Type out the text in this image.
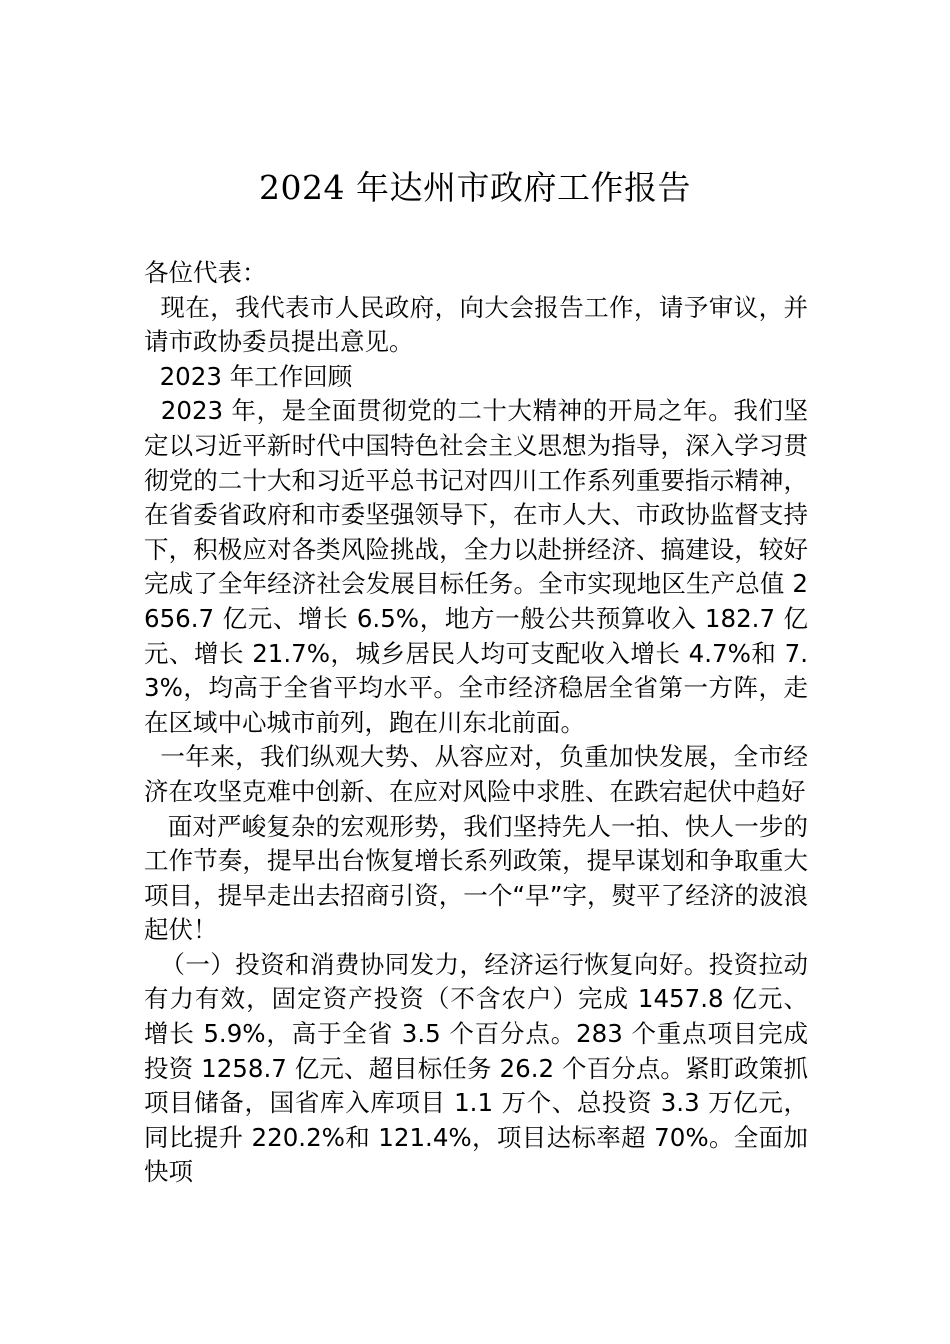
2024 年达州市政府工作报告

各位代表：

现在，我代表市人民政府，向大会报告工作，请予审议，并请市政协委员提出意见。

2023 年工作回顾

2023 年，是全面贯彻党的二十大精神的开局之年。我们坚定以习近平新时代中国特色社会主义思想为指导，深入学习贯彻党的二十大和习近平总书记对四川工作系列重要指示精神，在省委省政府和市委坚强领导下，在市人大、市政协监督支持下，积极应对各类风险挑战，全力以赴拼经济、搞建设，较好完成了全年经济社会发展目标任务。全市实现地区生产总值 2656.7 亿元、增长 6.5%，地方一般公共预算收入 182.7 亿元、增长 21.7%，城乡居民人均可支配收入增长 4.7%和 7.3%，均高于全省平均水平。全市经济稳居全省第一方阵，走在区域中心城市前列，跑在川东北前面。

一年来，我们纵观大势、从容应对，负重加快发展，全市经济在攻坚克难中创新、在应对风险中求胜、在跌宕起伏中趋好

面对严峻复杂的宏观形势，我们坚持先人一拍、快人一步的工作节奏，提早出台恢复增长系列政策，提早谋划和争取重大项目，提早走出去招商引资，一个“早”字，熨平了经济的波浪起伏！

（一）投资和消费协同发力，经济运行恢复向好。投资拉动有力有效，固定资产投资（不含农户）完成 1457.8 亿元、增长 5.9%，高于全省 3.5 个百分点。283 个重点项目完成投资 1258.7 亿元、超目标任务 26.2 个百分点。紧盯政策抓项目储备，国省库入库项目 1.1 万个、总投资 3.3 万亿元，同比提升 220.2%和 121.4%，项目达标率超 70%。全面加快项
